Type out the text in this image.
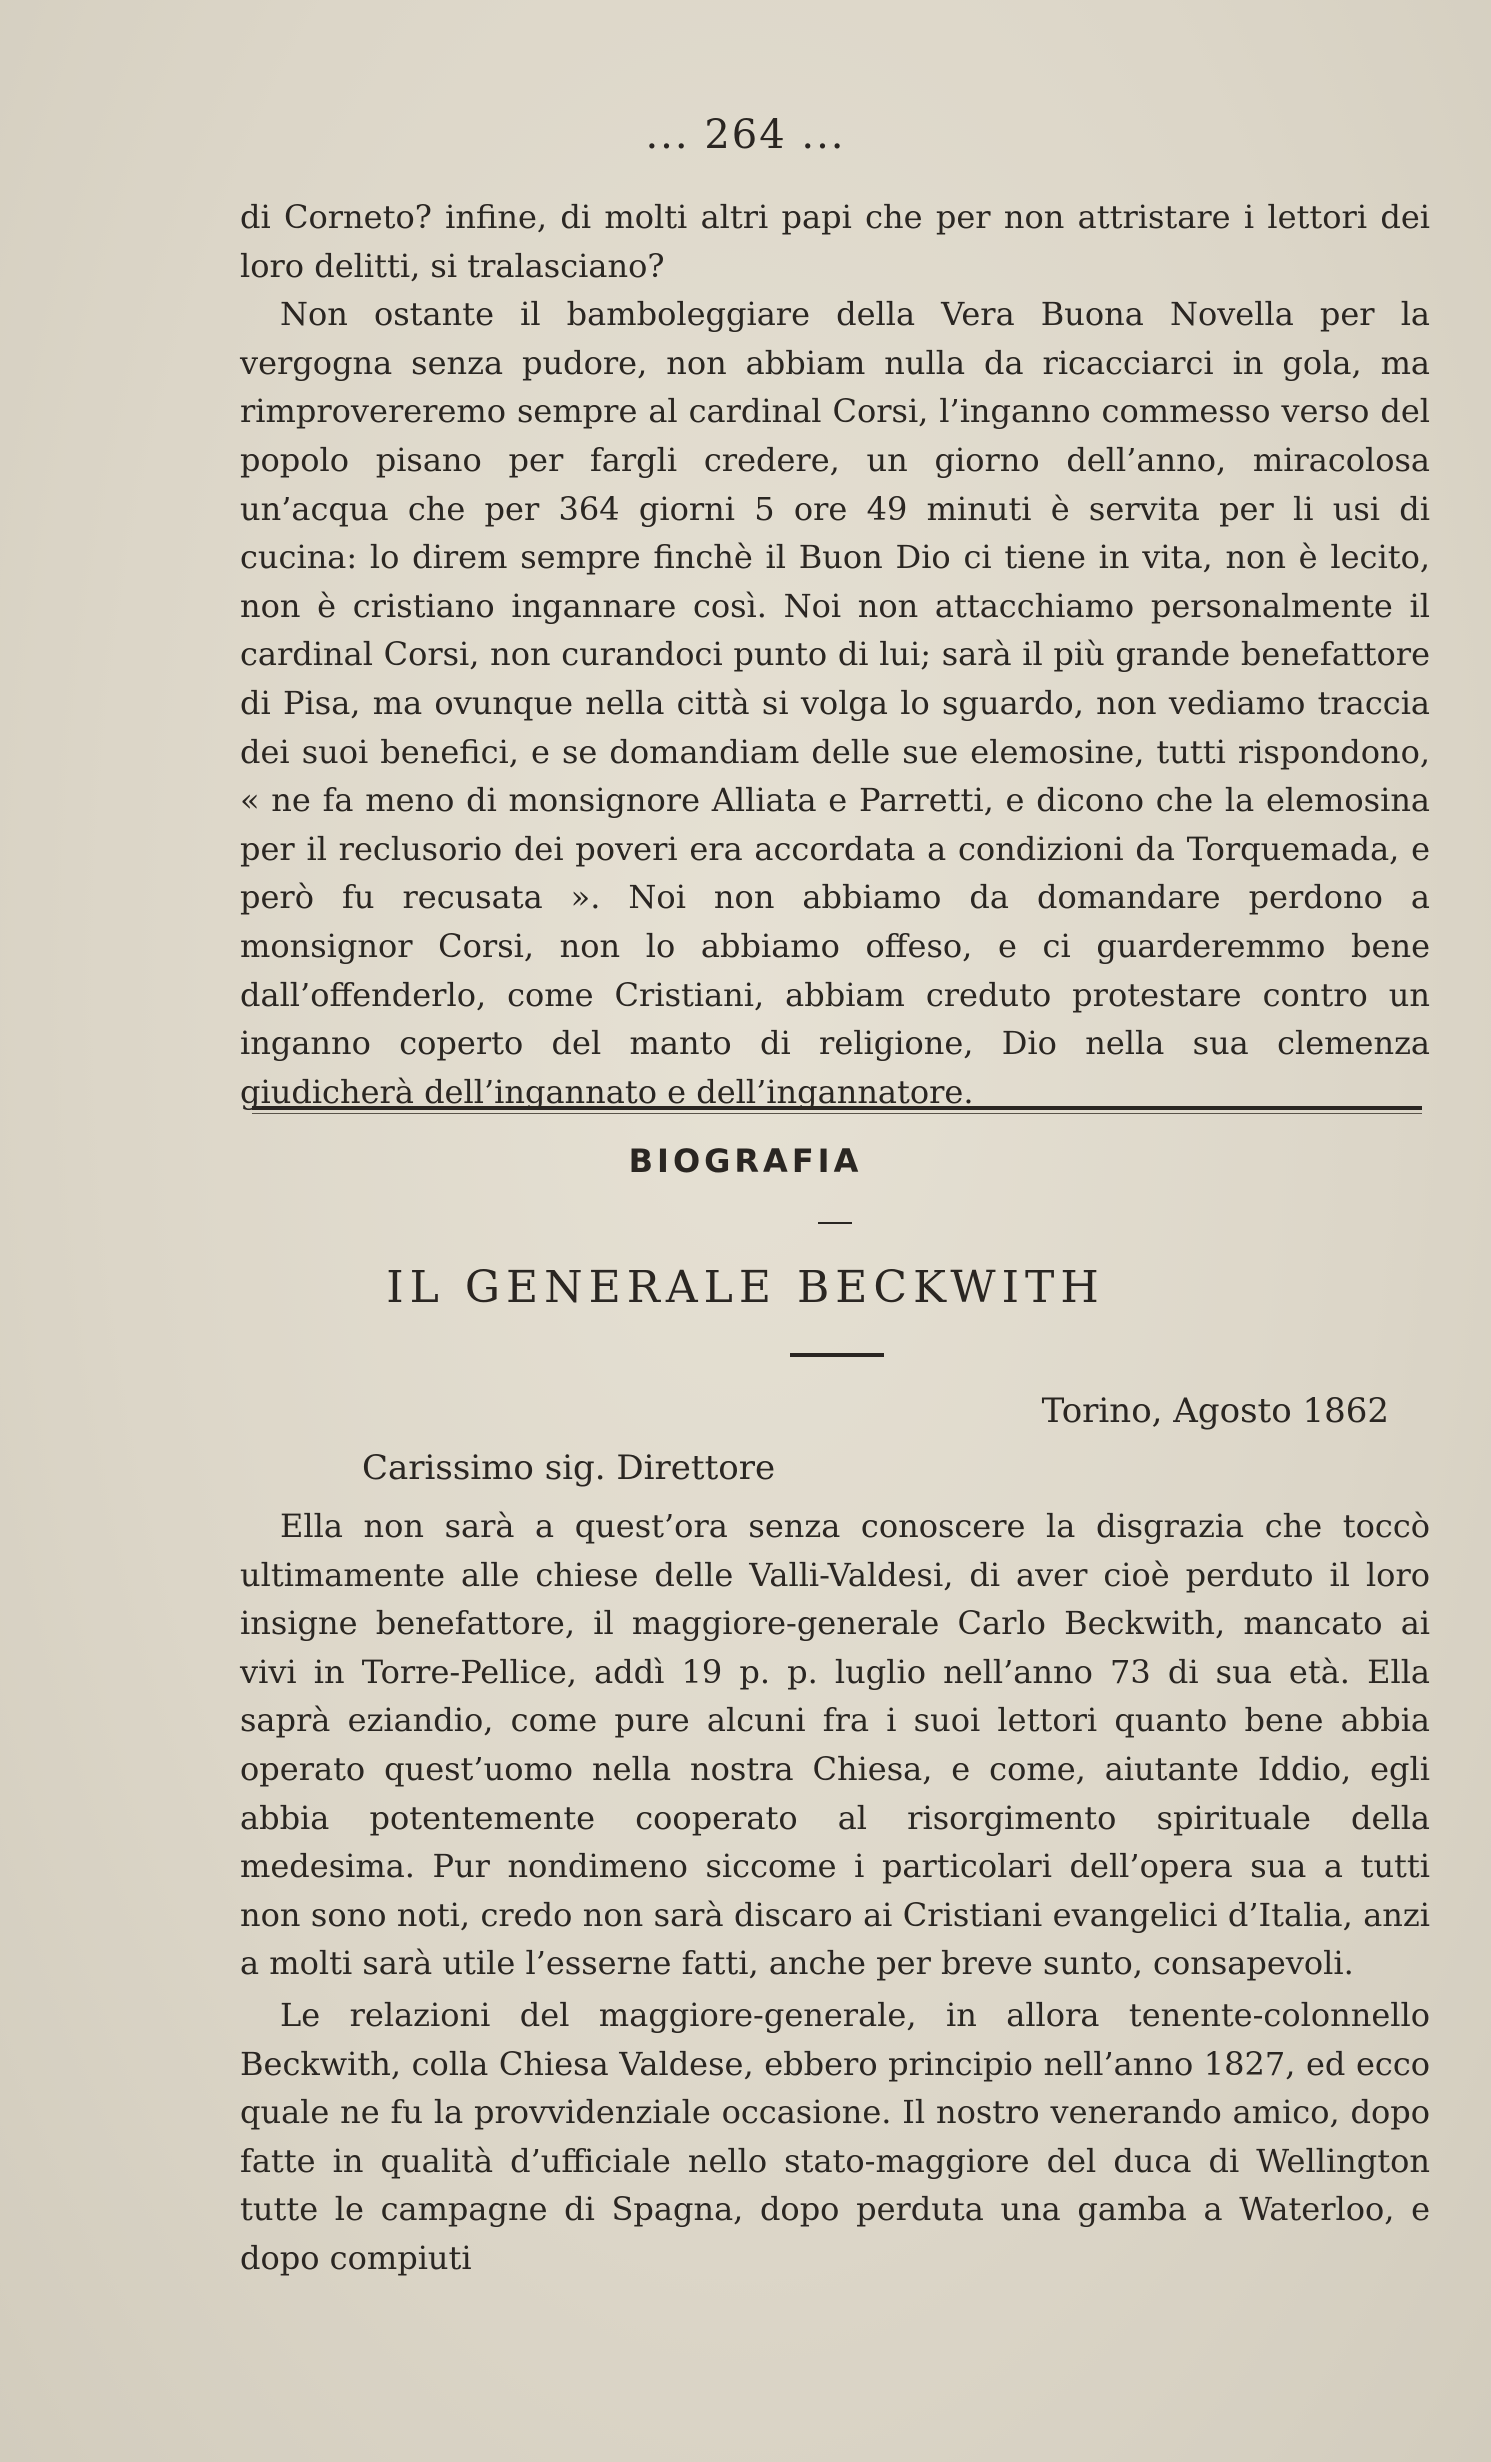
... 264 ...

di Corneto? infine, di molti altri papi che per non attristare i lettori dei loro delitti, si tralasciano?

Non ostante il bamboleggiare della Vera Buona Novella per la vergogna senza pudore, non abbiam nulla da ricacciarci in gola, ma rimprovereremo sempre al cardinal Corsi, l’inganno commesso verso del popolo pisano per fargli credere, un giorno dell’anno, miracolosa un’acqua che per 364 giorni 5 ore 49 minuti è servita per li usi di cucina: lo direm sempre finchè il Buon Dio ci tiene in vita, non è lecito, non è cristiano ingannare così. Noi non attacchiamo personalmente il cardinal Corsi, non curandoci punto di lui; sarà il più grande benefattore di Pisa, ma ovunque nella città si volga lo sguardo, non vediamo traccia dei suoi benefici, e se domandiam delle sue elemosine, tutti rispondono, « ne fa meno di monsignore Alliata e Parretti, e dicono che la elemosina per il reclusorio dei poveri era accordata a condizioni da Torquemada, e però fu recusata ». Noi non abbiamo da domandare perdono a monsignor Corsi, non lo abbiamo offeso, e ci guarderemmo bene dall’offenderlo, come Cristiani, abbiam creduto protestare contro un inganno coperto del manto di religione, Dio nella sua clemenza giudicherà dell’ingannato e dell’ingannatore.

BIOGRAFIA
IL GENERALE BECKWITH
Torino, Agosto 1862
Carissimo sig. Direttore

Ella non sarà a quest’ora senza conoscere la disgrazia che toccò ultimamente alle chiese delle Valli-Valdesi, di aver cioè perduto il loro insigne benefattore, il maggiore-generale Carlo Beckwith, mancato ai vivi in Torre-Pellice, addì 19 p. p. luglio nell’anno 73 di sua età. Ella saprà eziandio, come pure alcuni fra i suoi lettori quanto bene abbia operato quest’uomo nella nostra Chiesa, e come, aiutante Iddio, egli abbia potentemente cooperato al risorgimento spirituale della medesima. Pur nondimeno siccome i particolari dell’opera sua a tutti non sono noti, credo non sarà discaro ai Cristiani evangelici d’Italia, anzi a molti sarà utile l’esserne fatti, anche per breve sunto, consapevoli.

Le relazioni del maggiore-generale, in allora tenente-colonnello Beckwith, colla Chiesa Valdese, ebbero principio nell’anno 1827, ed ecco quale ne fu la provvidenziale occasione. Il nostro venerando amico, dopo fatte in qualità d’ufficiale nello stato-maggiore del duca di Wellington tutte le campagne di Spagna, dopo perduta una gamba a Waterloo, e dopo compiuti
